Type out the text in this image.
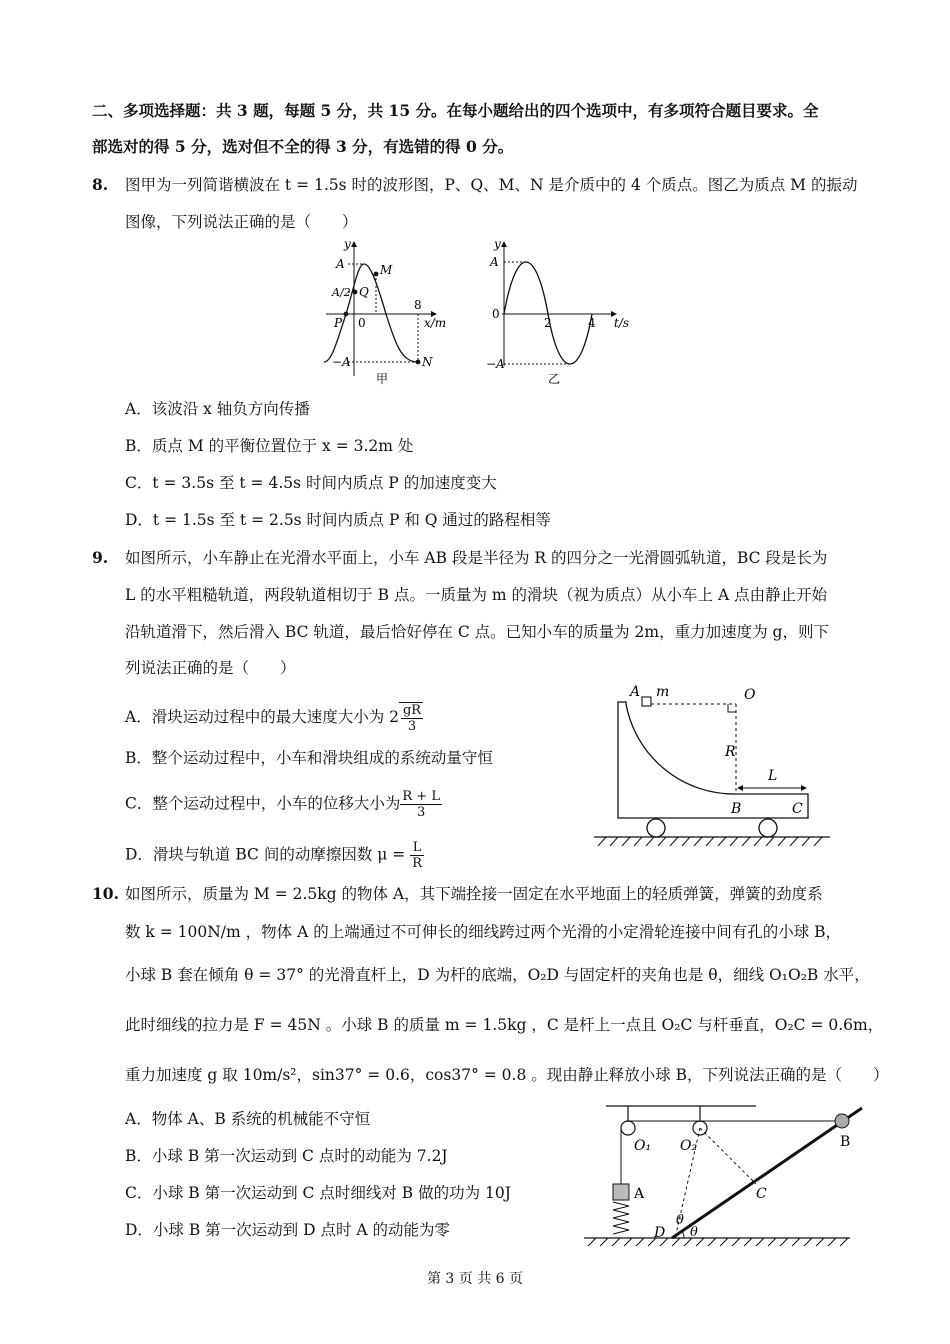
二、多项选择题：共 3 题，每题 5 分，共 15 分。在每小题给出的四个选项中，有多项符合题目要求。全
部选对的得 5 分，选对但不全的得 3 分，有选错的得 0 分。
8. 图甲为一列简谐横波在 t = 1.5s 时的波形图，P、Q、M、N 是介质中的 4 个质点。图乙为质点 M 的振动
图像，下列说法正确的是（　　）
y
A
A/2 Q
M
P 0
8
x/m
−A	N
甲
y
A
0
2	4 t/s
−A
乙
A．该波沿 x 轴负方向传播
B．质点 M 的平衡位置位于 x = 3.2m 处
C．t = 3.5s 至 t = 4.5s 时间内质点 P 的加速度变大
D．t = 1.5s 至 t = 2.5s 时间内质点 P 和 Q 通过的路程相等
9. 如图所示，小车静止在光滑水平面上，小车 AB 段是半径为 R 的四分之一光滑圆弧轨道，BC 段是长为
L 的水平粗糙轨道，两段轨道相切于 B 点。一质量为 m 的滑块（视为质点）从小车上 A 点由静止开始
沿轨道滑下，然后滑入 BC 轨道，最后恰好停在 C 点。已知小车的质量为 2m，重力加速度为 g，则下
列说法正确的是（　　）
A．滑块运动过程中的最大速度大小为 $2 \frac{gR}{3}$
B．整个运动过程中，小车和滑块组成的系统动量守恒
C．整个运动过程中，小车的位移大小为 $\frac{R + L}{3}$
D．滑块与轨道 BC 间的动摩擦因数 $\mu = \frac{L}{R}$
A m	O
R
L
B	C
10. 如图所示，质量为 M = 2.5kg 的物体 A，其下端拴接一固定在水平地面上的轻质弹簧，弹簧的劲度系
数 k = 100N/m ，物体 A 的上端通过不可伸长的细线跨过两个光滑的小定滑轮连接中间有孔的小球 B，
小球 B 套在倾角 θ = 37° 的光滑直杆上，D 为杆的底端，O₂D 与固定杆的夹角也是 θ，细线 O₁O₂B 水平，
此时细线的拉力是 F = 45N 。小球 B 的质量 m = 1.5kg ，C 是杆上一点且 O₂C 与杆垂直，O₂C = 0.6m，
重力加速度 g 取 10m/s²，sin37° = 0.6，cos37° = 0.8 。现由静止释放小球 B，下列说法正确的是（　　）
A．物体 A、B 系统的机械能不守恒
B．小球 B 第一次运动到 C 点时的动能为 7.2J
C．小球 B 第一次运动到 C 点时细线对 B 做的功为 10J
D．小球 B 第一次运动到 D 点时 A 的动能为零
O₁ O₂	B
A	C
D
θ
θ
第 3 页 共 6 页
